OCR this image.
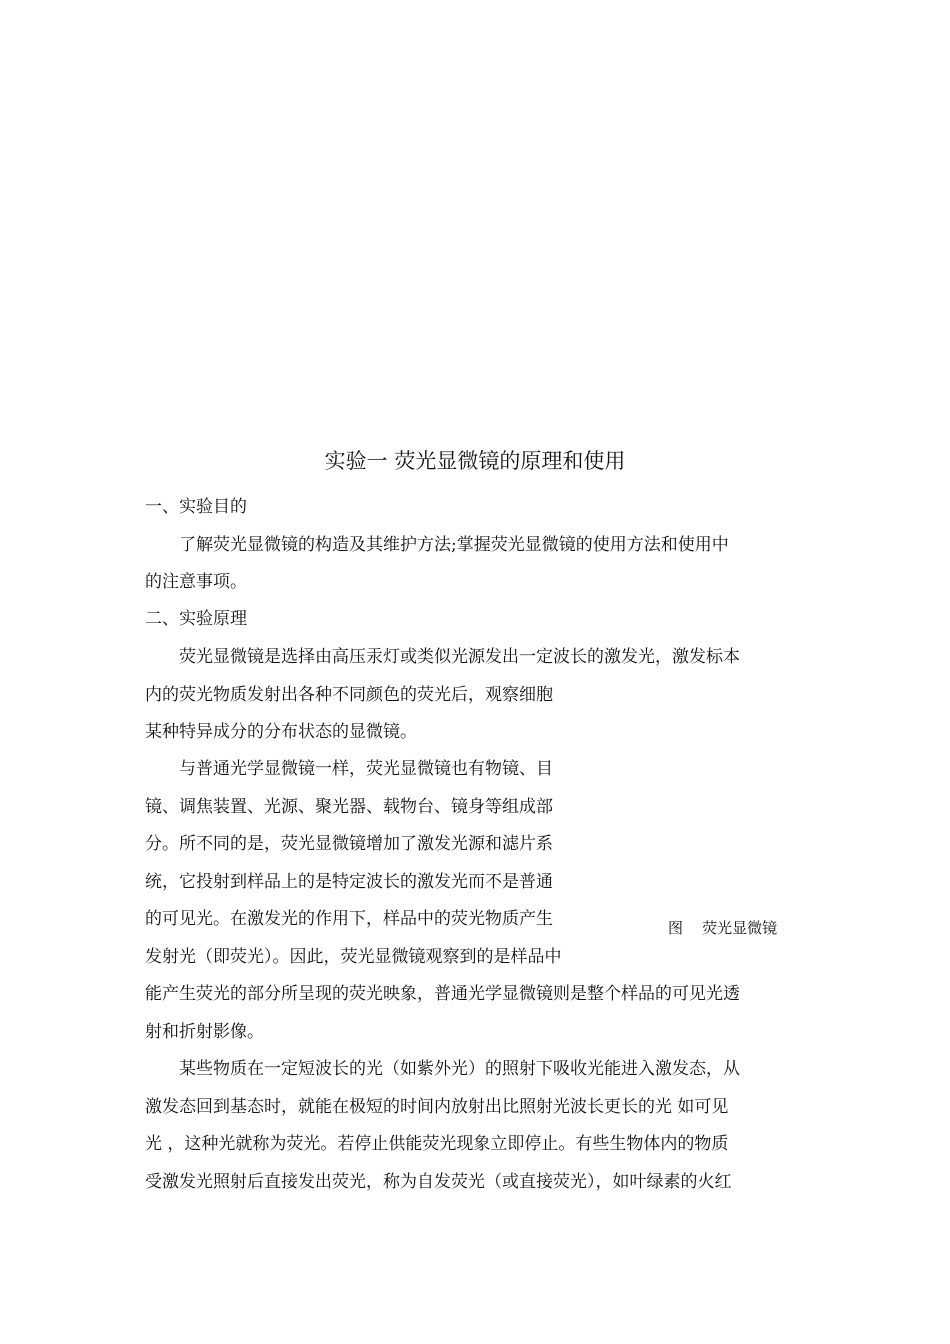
实验一 荧光显微镜的原理和使用
一、实验目的
了解荧光显微镜的构造及其维护方法;掌握荧光显微镜的使用方法和使用中
的注意事项。
二、实验原理
荧光显微镜是选择由高压汞灯或类似光源发出一定波长的激发光，激发标本
内的荧光物质发射出各种不同颜色的荧光后，观察细胞
某种特异成分的分布状态的显微镜。
与普通光学显微镜一样，荧光显微镜也有物镜、目
镜、调焦装置、光源、聚光器、载物台、镜身等组成部
分。所不同的是，荧光显微镜增加了激发光源和滤片系
统，它投射到样品上的是特定波长的激发光而不是普通
的可见光。在激发光的作用下，样品中的荧光物质产生
发射光（即荧光）。因此，荧光显微镜观察到的是样品中
能产生荧光的部分所呈现的荧光映象，普通光学显微镜则是整个样品的可见光透
射和折射影像。
某些物质在一定短波长的光（如紫外光）的照射下吸收光能进入激发态，从
激发态回到基态时，就能在极短的时间内放射出比照射光波长更长的光 如可见
光 ，这种光就称为荧光。若停止供能荧光现象立即停止。有些生物体内的物质
受激发光照射后直接发出荧光，称为自发荧光（或直接荧光），如叶绿素的火红
图    荧光显微镜
